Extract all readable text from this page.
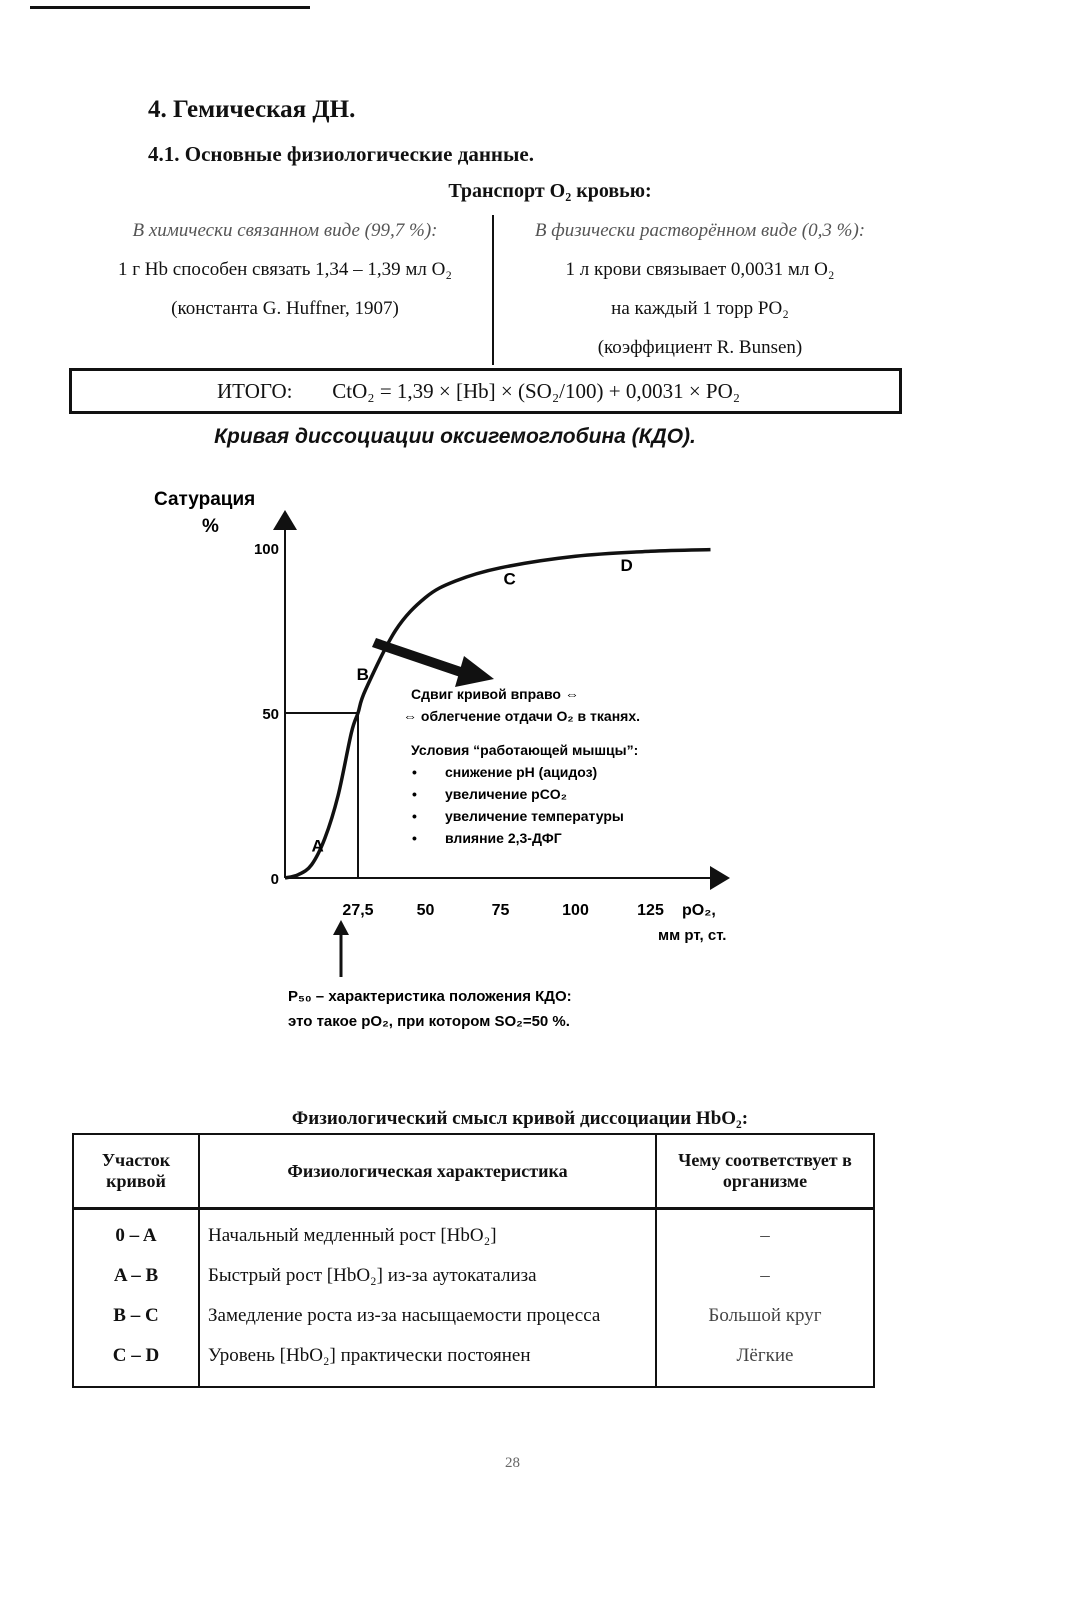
4. Гемическая ДН.
4.1. Основные физиологические данные.
Транспорт O₂ кровью:
В химически связанном виде (99,7 %):
1 г Hb способен связать 1,34 – 1,39 мл O₂
(константа G. Huffner, 1907)
В физически растворённом виде (0,3 %):
1 л крови связывает 0,0031 мл O₂
на каждый 1 торр PO₂
(коэффициент R. Bunsen)
ИТОГО: CtO₂ = 1,39 × [Hb] × (SO₂/100) + 0,0031 × PO₂
Кривая диссоциации оксигемоглобина (КДО).
Сатурация
%
100
50
0
27,5	50	75	100	125 pO₂,
мм рт, ст.
A
B
C
D
Сдвиг кривой вправо ⇔
⇔ облегчение отдачи O₂ в тканях.
Условия “работающей мышцы”:
• снижение pH (ацидоз)
• увеличение pCO₂
• увеличение температуры
• влияние 2,3-ДФГ
P₅₀ – характеристика положения КДО:
это такое pO₂, при котором SO₂=50 %.
Физиологический смысл кривой диссоциации HbO₂:
Участок кривой	Физиологическая характеристика	Чему соответствует в организме
0 – A	Начальный медленный рост [HbO₂]	–
A – B	Быстрый рост [HbO₂] из-за аутокатализа	–
B – C	Замедление роста из-за насыщаемости процесса	Большой круг
C – D	Уровень [HbO₂] практически постоянен	Лёгкие
28
